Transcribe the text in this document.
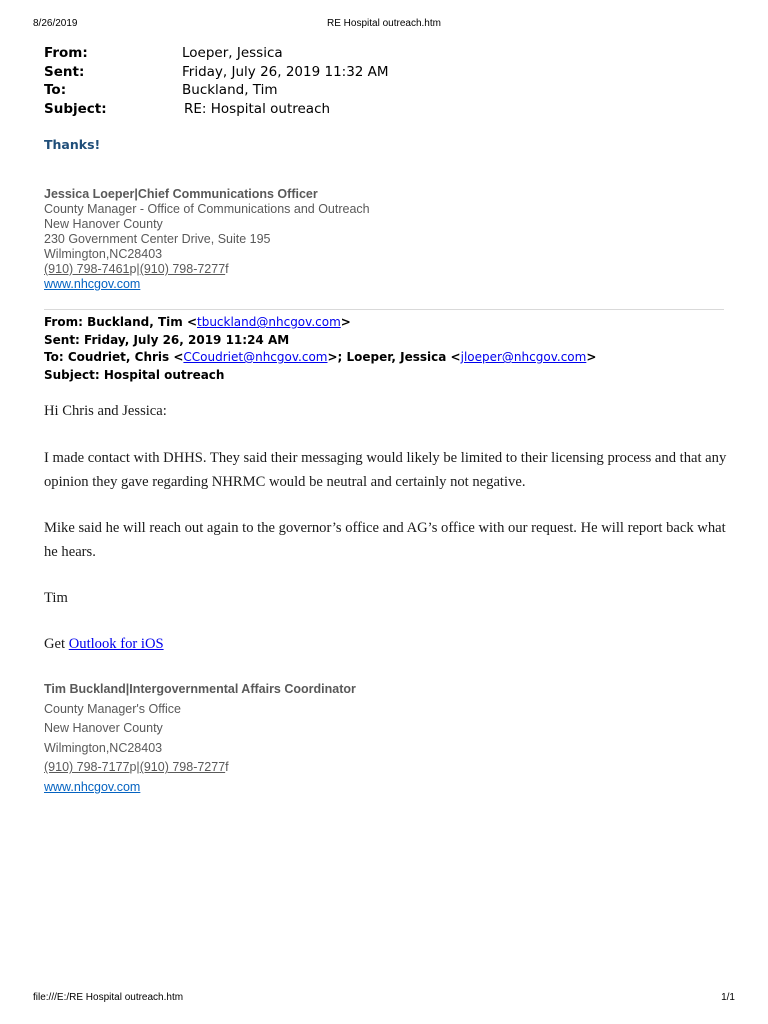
8/26/2019	RE Hospital outreach.htm
From:	Loeper, Jessica
Sent:	Friday, July 26, 2019 11:32 AM
To:	Buckland, Tim
Subject:	RE: Hospital outreach
Thanks!
Jessica Loeper|Chief Communications Officer
County Manager - Office of Communications and Outreach
New Hanover County
230 Government Center Drive, Suite 195
Wilmington,NC28403
(910) 798-7461p|(910) 798-7277f
www.nhcgov.com
From: Buckland, Tim <tbuckland@nhcgov.com>
Sent: Friday, July 26, 2019 11:24 AM
To: Coudriet, Chris <CCoudriet@nhcgov.com>; Loeper, Jessica <jloeper@nhcgov.com>
Subject: Hospital outreach
Hi Chris and Jessica:
I made contact with DHHS. They said their messaging would likely be limited to their licensing process and that any opinion they gave regarding NHRMC would be neutral and certainly not negative.
Mike said he will reach out again to the governor’s office and AG’s office with our request. He will report back what he hears.
Tim
Get Outlook for iOS
Tim Buckland|Intergovernmental Affairs Coordinator
County Manager's Office
New Hanover County
Wilmington,NC28403
(910) 798-7177p|(910) 798-7277f
www.nhcgov.com
file:///E:/RE Hospital outreach.htm	1/1
